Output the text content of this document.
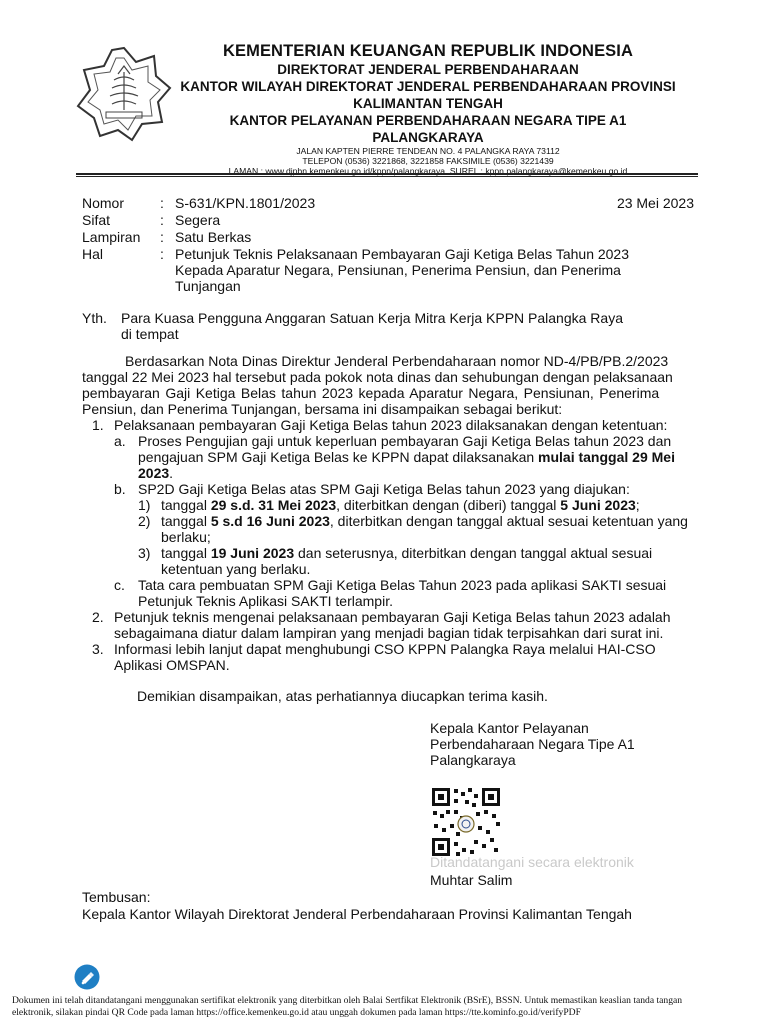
KEMENTERIAN KEUANGAN REPUBLIK INDONESIA
DIREKTORAT JENDERAL PERBENDAHARAAN
KANTOR WILAYAH DIREKTORAT JENDERAL PERBENDAHARAAN PROVINSI
KALIMANTAN TENGAH
KANTOR PELAYANAN PERBENDAHARAAN NEGARA TIPE A1
PALANGKARAYA
JALAN KAPTEN PIERRE TENDEAN NO. 4 PALANGKA RAYA 73112
TELEPON (0536) 3221868, 3221858 FAKSIMILE (0536) 3221439
LAMAN : www.djpbn.kemenkeu.go.id/kppn/palangkaraya, SUREL : kppn.palangkaraya@kemenkeu.go.id
Nomor	: S-631/KPN.1801/2023	23 Mei 2023
Sifat	: Segera
Lampiran : Satu Berkas
Hal	: Petunjuk Teknis Pelaksanaan Pembayaran Gaji Ketiga Belas Tahun 2023
Kepada Aparatur Negara, Pensiunan, Penerima Pensiun, dan Penerima
Tunjangan
Yth. Para Kuasa Pengguna Anggaran Satuan Kerja Mitra Kerja KPPN Palangka Raya
di tempat
Berdasarkan Nota Dinas Direktur Jenderal Perbendaharaan nomor ND-4/PB/PB.2/2023
tanggal 22 Mei 2023 hal tersebut pada pokok nota dinas dan sehubungan dengan pelaksanaan
pembayaran Gaji Ketiga Belas tahun 2023 kepada Aparatur Negara, Pensiunan, Penerima
Pensiun, dan Penerima Tunjangan, bersama ini disampaikan sebagai berikut:
1. Pelaksanaan pembayaran Gaji Ketiga Belas tahun 2023 dilaksanakan dengan ketentuan:
a. Proses Pengujian gaji untuk keperluan pembayaran Gaji Ketiga Belas tahun 2023 dan
pengajuan SPM Gaji Ketiga Belas ke KPPN dapat dilaksanakan mulai tanggal 29 Mei
2023.
b. SP2D Gaji Ketiga Belas atas SPM Gaji Ketiga Belas tahun 2023 yang diajukan:
1) tanggal 29 s.d. 31 Mei 2023, diterbitkan dengan (diberi) tanggal 5 Juni 2023;
2) tanggal 5 s.d 16 Juni 2023, diterbitkan dengan tanggal aktual sesuai ketentuan yang
berlaku;
3) tanggal 19 Juni 2023 dan seterusnya, diterbitkan dengan tanggal aktual sesuai
ketentuan yang berlaku.
c. Tata cara pembuatan SPM Gaji Ketiga Belas Tahun 2023 pada aplikasi SAKTI sesuai
Petunjuk Teknis Aplikasi SAKTI terlampir.
2. Petunjuk teknis mengenai pelaksanaan pembayaran Gaji Ketiga Belas tahun 2023 adalah
sebagaimana diatur dalam lampiran yang menjadi bagian tidak terpisahkan dari surat ini.
3. Informasi lebih lanjut dapat menghubungi CSO KPPN Palangka Raya melalui HAI-CSO
Aplikasi OMSPAN.
Demikian disampaikan, atas perhatiannya diucapkan terima kasih.
Kepala Kantor Pelayanan
Perbendaharaan Negara Tipe A1
Palangkaraya
Ditandatangani secara elektronik
Muhtar Salim
Tembusan:
Kepala Kantor Wilayah Direktorat Jenderal Perbendaharaan Provinsi Kalimantan Tengah
Dokumen ini telah ditandatangani menggunakan sertifikat elektronik yang diterbitkan oleh Balai Sertfikat Elektronik (BSrE), BSSN. Untuk memastikan keaslian tanda tangan
elektronik, silakan pindai QR Code pada laman https://office.kemenkeu.go.id atau unggah dokumen pada laman https://tte.kominfo.go.id/verifyPDF
